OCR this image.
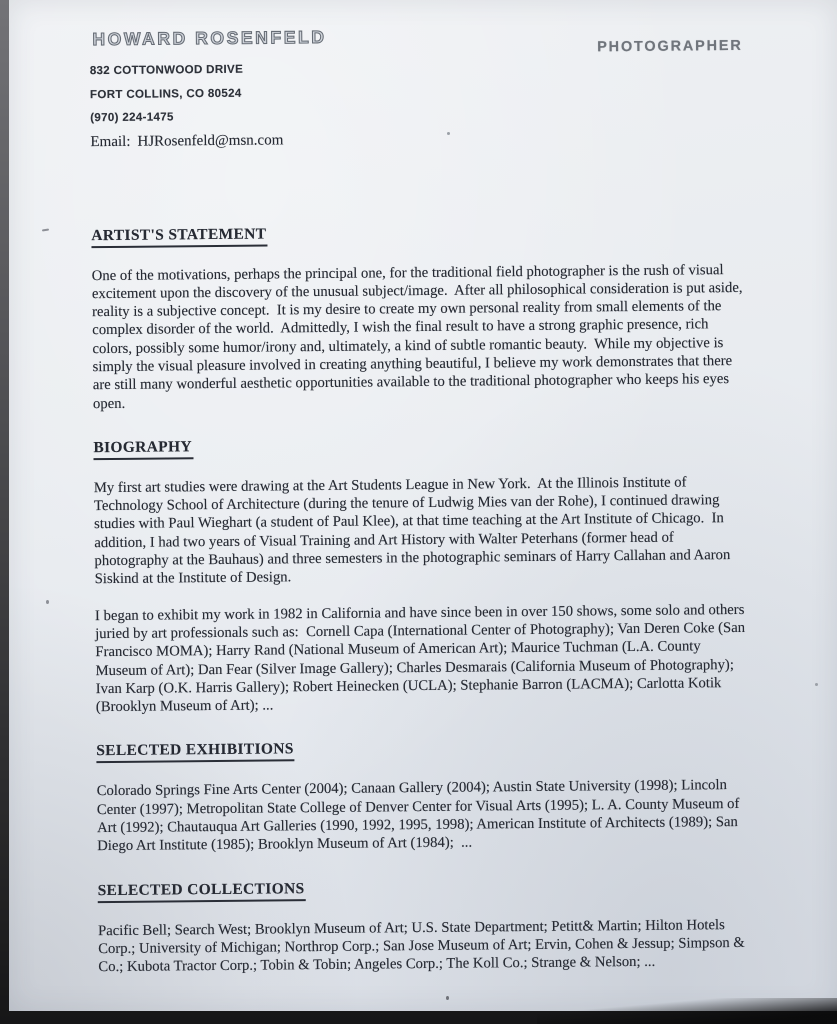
HOWARD ROSENFELD	PHOTOGRAPHER
832 COTTONWOOD DRIVE
FORT COLLINS, CO 80524
(970) 224-1475
Email: HJRosenfeld@msn.com
ARTIST'S STATEMENT

One of the motivations, perhaps the principal one, for the traditional field photographer is the rush of visual excitement upon the discovery of the unusual subject/image.  After all philosophical consideration is put aside, reality is a subjective concept.  It is my desire to create my own personal reality from small elements of the complex disorder of the world.  Admittedly, I wish the final result to have a strong graphic presence, rich colors, possibly some humor/irony and, ultimately, a kind of subtle romantic beauty.  While my objective is simply the visual pleasure involved in creating anything beautiful, I believe my work demonstrates that there are still many wonderful aesthetic opportunities available to the traditional photographer who keeps his eyes open.

BIOGRAPHY

My first art studies were drawing at the Art Students League in New York.  At the Illinois Institute of Technology School of Architecture (during the tenure of Ludwig Mies van der Rohe), I continued drawing studies with Paul Wieghart (a student of Paul Klee), at that time teaching at the Art Institute of Chicago.  In addition, I had two years of Visual Training and Art History with Walter Peterhans (former head of photography at the Bauhaus) and three semesters in the photographic seminars of Harry Callahan and Aaron Siskind at the Institute of Design.

I began to exhibit my work in 1982 in California and have since been in over 150 shows, some solo and others juried by art professionals such as:  Cornell Capa (International Center of Photography); Van Deren Coke (San Francisco MOMA); Harry Rand (National Museum of American Art); Maurice Tuchman (L.A. County Museum of Art); Dan Fear (Silver Image Gallery); Charles Desmarais (California Museum of Photography); Ivan Karp (O.K. Harris Gallery); Robert Heinecken (UCLA); Stephanie Barron (LACMA); Carlotta Kotik (Brooklyn Museum of Art); ...

SELECTED EXHIBITIONS

Colorado Springs Fine Arts Center (2004); Canaan Gallery (2004); Austin State University (1998); Lincoln Center (1997); Metropolitan State College of Denver Center for Visual Arts (1995); L. A. County Museum of Art (1992); Chautauqua Art Galleries (1990, 1992, 1995, 1998); American Institute of Architects (1989); San Diego Art Institute (1985); Brooklyn Museum of Art (1984);  ...

SELECTED COLLECTIONS

Pacific Bell; Search West; Brooklyn Museum of Art; U.S. State Department; Petitt& Martin; Hilton Hotels Corp.; University of Michigan; Northrop Corp.; San Jose Museum of Art; Ervin, Cohen & Jessup; Simpson & Co.; Kubota Tractor Corp.; Tobin & Tobin; Angeles Corp.; The Koll Co.; Strange & Nelson; ...
